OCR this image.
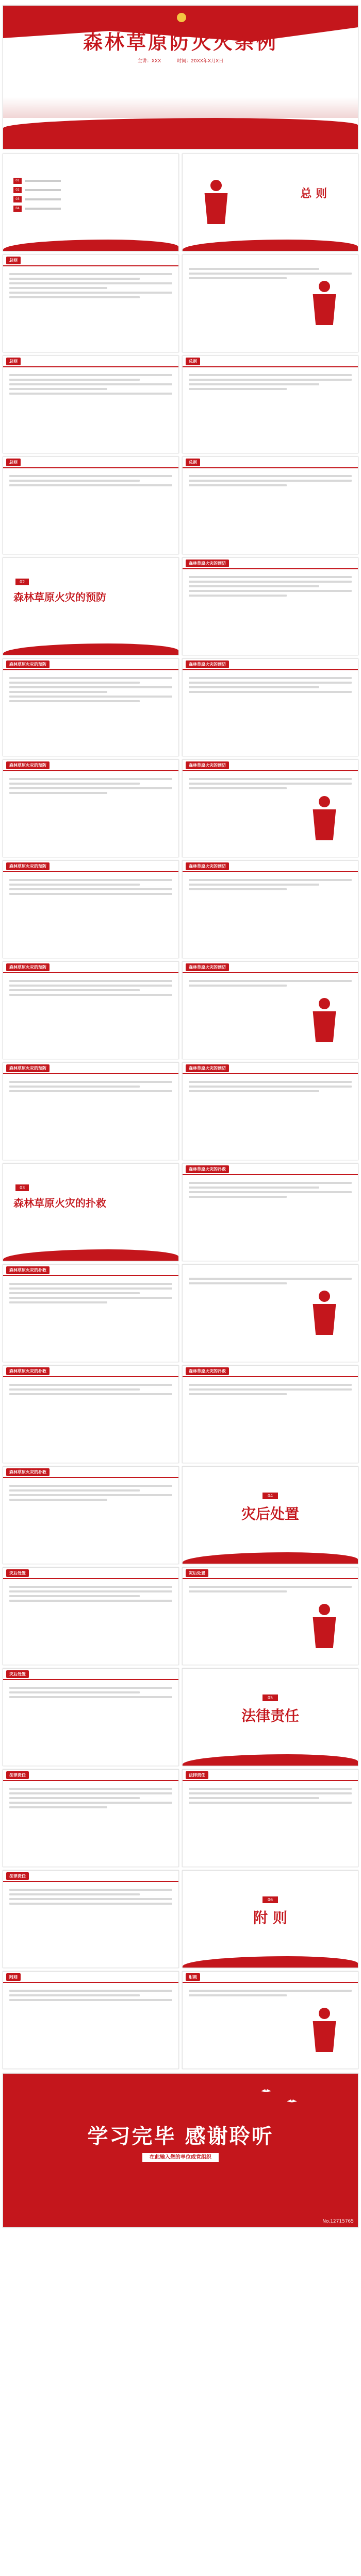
森林草原防灭火条例
主讲：XXX	时间：20XX年X月X日
01
02
03
04
总 则
总则
总则	总则
总则	总则
02
森林草原火灾的预防
森林草原火灾的预防
森林草原火灾的预防	森林草原火灾的预防
森林草原火灾的预防	森林草原火灾的预防
森林草原火灾的预防	森林草原火灾的预防
森林草原火灾的预防	森林草原火灾的预防
森林草原火灾的预防	森林草原火灾的预防
03
森林草原火灾的扑救
森林草原火灾的扑救
森林草原火灾的扑救
森林草原火灾的扑救	森林草原火灾的扑救
森林草原火灾的扑救
04
灾后处置
灾后处置	灾后处置
灾后处置
05
法律责任
法律责任	法律责任
法律责任
06
附 则
附则	附则
学习完毕 感谢聆听
在此输入您的单位或党组织
No.12715765
